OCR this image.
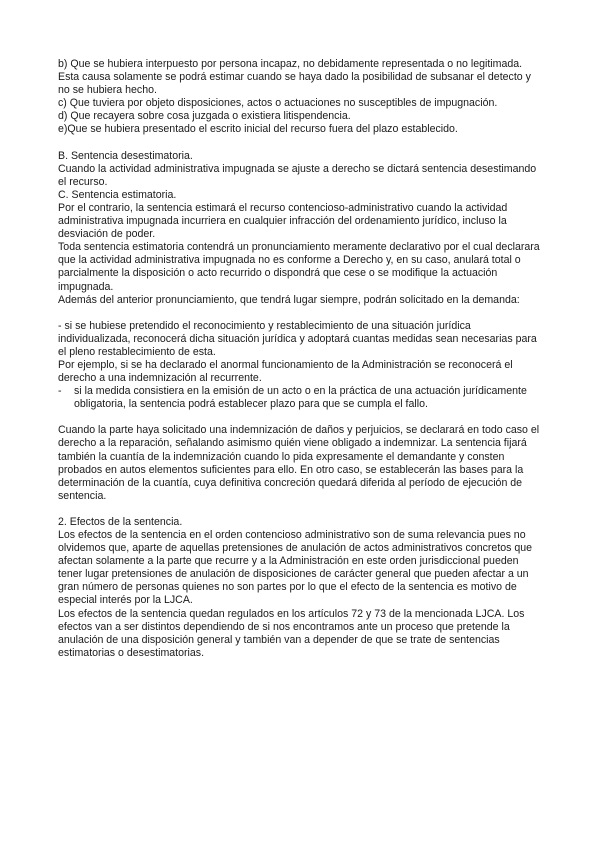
b) Que se hubiera interpuesto por persona incapaz, no debidamente representada o no legitimada.

Esta causa solamente se podrá estimar cuando se haya dado la posibilidad de subsanar el detecto y no se hubiera hecho.

c) Que tuviera por objeto disposiciones, actos o actuaciones no susceptibles de impugnación.

d) Que recayera sobre cosa juzgada o existiera litispendencia.

e)Que se hubiera presentado el escrito inicial del recurso fuera del plazo establecido.

B. Sentencia desestimatoria.

Cuando la actividad administrativa impugnada se ajuste a derecho se dictará sentencia desestimando el recurso.

C. Sentencia estimatoria.

Por el contrario, la sentencia estimará el recurso contencioso-administrativo cuando la actividad administrativa impugnada incurriera en cualquier infracción del ordenamiento jurídico, incluso la desviación de poder.

Toda sentencia estimatoria contendrá un pronunciamiento meramente declarativo por el cual declarara que la actividad administrativa impugnada no es conforme a Derecho y, en su caso, anulará total o parcialmente la disposición o acto recurrido o dispondrá que cese o se modifique la actuación impugnada.

Además del anterior pronunciamiento, que tendrá lugar siempre, podrán solicitado en la demanda:

- si se hubiese pretendido el reconocimiento y restablecimiento de una situación jurídica individualizada, reconocerá dicha situación jurídica y adoptará cuantas medidas sean necesarias para el pleno restablecimiento de esta.

Por ejemplo, si se ha declarado el anormal funcionamiento de la Administración se reconocerá el derecho a una indemnización al recurrente.

-	si la medida consistiera en la emisión de un acto o en la práctica de una actuación jurídicamente obligatoria, la sentencia podrá establecer plazo para que se cumpla el fallo.

Cuando la parte haya solicitado una indemnización de daños y perjuicios, se declarará en todo caso el derecho a la reparación, señalando asimismo quién viene obligado a indemnizar. La sentencia fijará también la cuantía de la indemnización cuando lo pida expresamente el demandante y consten probados en autos elementos suficientes para ello. En otro caso, se establecerán las bases para la determinación de la cuantía, cuya definitiva concreción quedará diferida al período de ejecución de sentencia.

2. Efectos de la sentencia.

Los efectos de la sentencia en el orden contencioso administrativo son de suma relevancia pues no olvidemos que, aparte de aquellas pretensiones de anulación de actos administrativos concretos que afectan solamente a la parte que recurre y a la Administración en este orden jurisdiccional pueden tener lugar pretensiones de anulación de disposiciones de carácter general que pueden afectar a un gran número de personas quienes no son partes por lo que el efecto de la sentencia es motivo de especial interés por la LJCA.

Los efectos de la sentencia quedan regulados en los artículos 72 y 73 de la mencionada LJCA. Los efectos van a ser distintos dependiendo de si nos encontramos ante un proceso que pretende la anulación de una disposición general y también van a depender de que se trate de sentencias estimatorias o desestimatorias.
